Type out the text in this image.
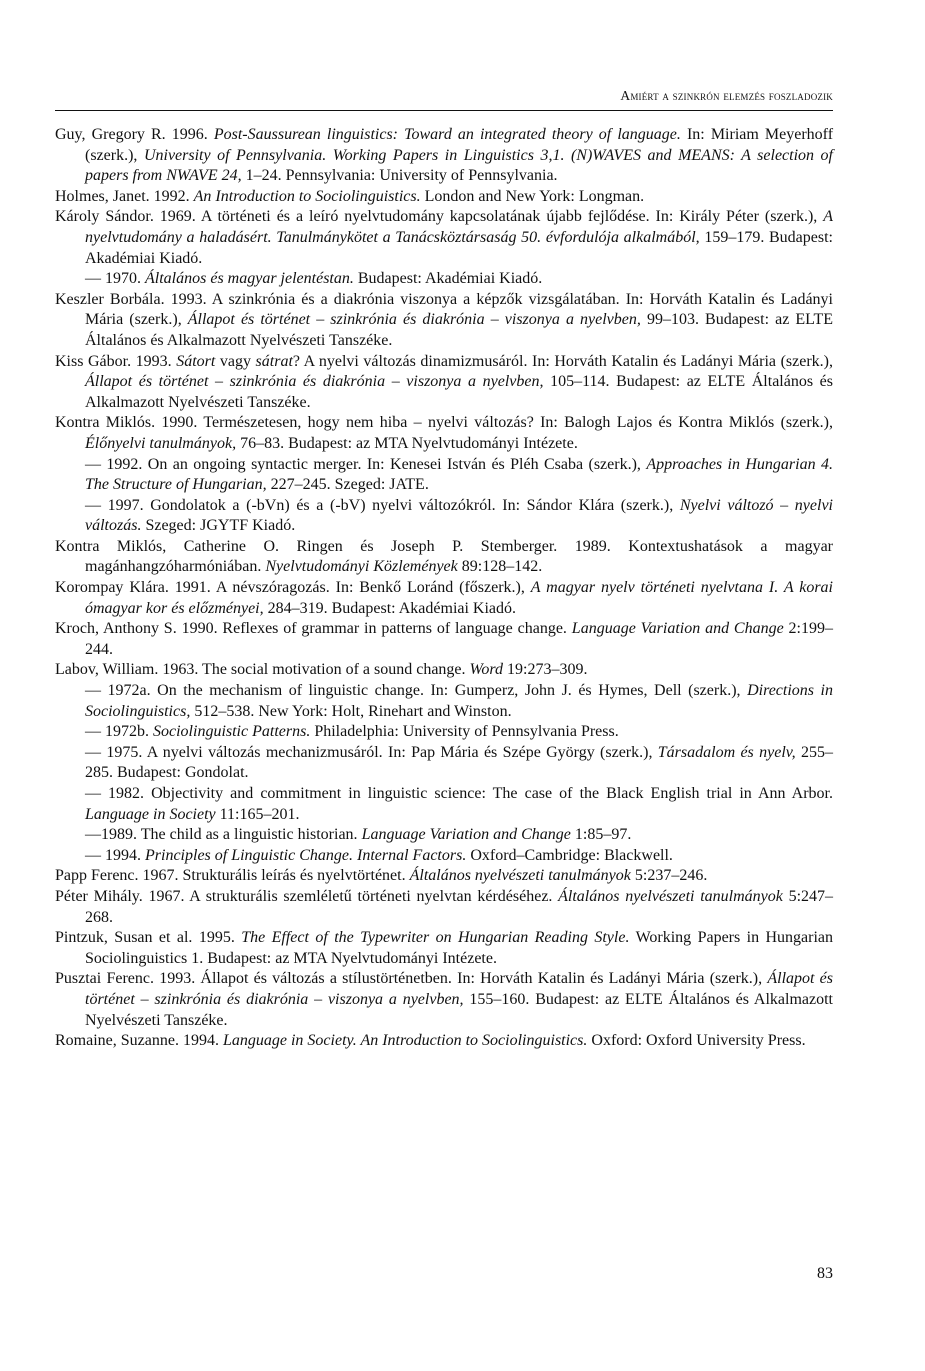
Amiért a szinkrón elemzés foszladozik

Guy, Gregory R. 1996. Post-Saussurean linguistics: Toward an integrated theory of language. In: Miriam Meyerhoff (szerk.), University of Pennsylvania. Working Papers in Linguistics 3,1. (N)WAVES and MEANS: A selection of papers from NWAVE 24, 1–24. Pennsylvania: University of Pennsylvania.

Holmes, Janet. 1992. An Introduction to Sociolinguistics. London and New York: Longman.

Károly Sándor. 1969. A történeti és a leíró nyelvtudomány kapcsolatának újabb fejlődése. In: Király Péter (szerk.), A nyelvtudomány a haladásért. Tanulmánykötet a Tanácsköztársaság 50. évfordulója alkalmából, 159–179. Budapest: Akadémiai Kiadó.

— 1970. Általános és magyar jelentéstan. Budapest: Akadémiai Kiadó.

Keszler Borbála. 1993. A szinkrónia és a diakrónia viszonya a képzők vizsgálatában. In: Horváth Katalin és Ladányi Mária (szerk.), Állapot és történet – szinkrónia és diakrónia – viszonya a nyelvben, 99–103. Budapest: az ELTE Általános és Alkalmazott Nyelvészeti Tanszéke.

Kiss Gábor. 1993. Sátort vagy sátrat? A nyelvi változás dinamizmusáról. In: Horváth Katalin és Ladányi Mária (szerk.), Állapot és történet – szinkrónia és diakrónia – viszonya a nyelvben, 105–114. Budapest: az ELTE Általános és Alkalmazott Nyelvészeti Tanszéke.

Kontra Miklós. 1990. Természetesen, hogy nem hiba – nyelvi változás? In: Balogh Lajos és Kontra Miklós (szerk.), Élőnyelvi tanulmányok, 76–83. Budapest: az MTA Nyelvtudományi Intézete.

— 1992. On an ongoing syntactic merger. In: Kenesei István és Pléh Csaba (szerk.), Approaches in Hungarian 4. The Structure of Hungarian, 227–245. Szeged: JATE.

— 1997. Gondolatok a (-bVn) és a (-bV) nyelvi változókról. In: Sándor Klára (szerk.), Nyelvi változó – nyelvi változás. Szeged: JGYTF Kiadó.

Kontra Miklós, Catherine O. Ringen és Joseph P. Stemberger. 1989. Kontextushatások a magyar magánhangzóharmóniában. Nyelvtudományi Közlemények 89:128–142.

Korompay Klára. 1991. A névszóragozás. In: Benkő Loránd (főszerk.), A magyar nyelv történeti nyelvtana I. A korai ómagyar kor és előzményei, 284–319. Budapest: Akadémiai Kiadó.

Kroch, Anthony S. 1990. Reflexes of grammar in patterns of language change. Language Variation and Change 2:199–244.

Labov, William. 1963. The social motivation of a sound change. Word 19:273–309.

— 1972a. On the mechanism of linguistic change. In: Gumperz, John J. és Hymes, Dell (szerk.), Directions in Sociolinguistics, 512–538. New York: Holt, Rinehart and Winston.

— 1972b. Sociolinguistic Patterns. Philadelphia: University of Pennsylvania Press.

— 1975. A nyelvi változás mechanizmusáról. In: Pap Mária és Szépe György (szerk.), Társadalom és nyelv, 255–285. Budapest: Gondolat.

— 1982. Objectivity and commitment in linguistic science: The case of the Black English trial in Ann Arbor. Language in Society 11:165–201.

—1989. The child as a linguistic historian. Language Variation and Change 1:85–97.

— 1994. Principles of Linguistic Change. Internal Factors. Oxford–Cambridge: Blackwell.

Papp Ferenc. 1967. Strukturális leírás és nyelvtörténet. Általános nyelvészeti tanulmányok 5:237–246.

Péter Mihály. 1967. A strukturális szemléletű történeti nyelvtan kérdéséhez. Általános nyelvészeti tanulmányok 5:247–268.

Pintzuk, Susan et al. 1995. The Effect of the Typewriter on Hungarian Reading Style. Working Papers in Hungarian Sociolinguistics 1. Budapest: az MTA Nyelvtudományi Intézete.

Pusztai Ferenc. 1993. Állapot és változás a stílustörténetben. In: Horváth Katalin és Ladányi Mária (szerk.), Állapot és történet – szinkrónia és diakrónia – viszonya a nyelvben, 155–160. Budapest: az ELTE Általános és Alkalmazott Nyelvészeti Tanszéke.

Romaine, Suzanne. 1994. Language in Society. An Introduction to Sociolinguistics. Oxford: Oxford University Press.

83
